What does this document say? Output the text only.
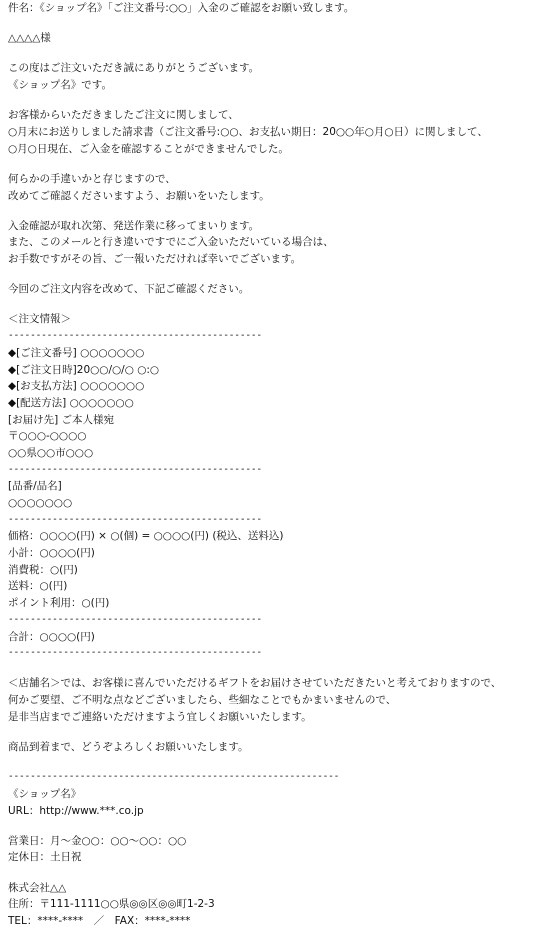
件名：《ショップ名》「ご注文番号:○○」入金のご確認をお願い致します。
△△△△様
この度はご注文いただき誠にありがとうございます。
《ショップ名》です。
お客様からいただきましたご注文に関しまして、
○月末にお送りしました請求書（ご注文番号:○○、お支払い期日：20○○年○月○日）に関しまして、
○月○日現在、ご入金を確認することができませんでした。
何らかの手違いかと存じますので、
改めてご確認くださいますよう、お願いをいたします。
入金確認が取れ次第、発送作業に移ってまいります。
また、このメールと行き違いですでにご入金いただいている場合は、
お手数ですがその旨、ご一報いただければ幸いでございます。
今回のご注文内容を改めて、下記ご確認ください。
＜注文情報＞
----------------------------------------------
◆[ご注文番号] ○○○○○○○
◆[ご注文日時]20○○/○/○ ○:○
◆[お支払方法] ○○○○○○○
◆[配送方法] ○○○○○○○
[お届け先] ご本人様宛
〒○○○-○○○○
○○県○○市○○○
----------------------------------------------
[品番/品名]
○○○○○○○
----------------------------------------------
価格：○○○○(円) × ○(個) = ○○○○(円) (税込、送料込)
小計：○○○○(円)
消費税：○(円)
送料：○(円)
ポイント利用：○(円)
----------------------------------------------
合計：○○○○(円)
----------------------------------------------
＜店舗名＞では、お客様に喜んでいただけるギフトをお届けさせていただきたいと考えておりますので、
何かご要望、ご不明な点などございましたら、些細なことでもかまいませんので、
是非当店までご連絡いただけますよう宜しくお願いいたします。
商品到着まで、どうぞよろしくお願いいたします。
------------------------------------------------------------
《ショップ名》
URL：http://www.***.co.jp
営業日：月～金○○：○○～○○：○○
定休日：土日祝
株式会社△△
住所：〒111-1111○○県◎◎区◎◎町1-2-3
TEL：****-****　／　FAX：****-****
